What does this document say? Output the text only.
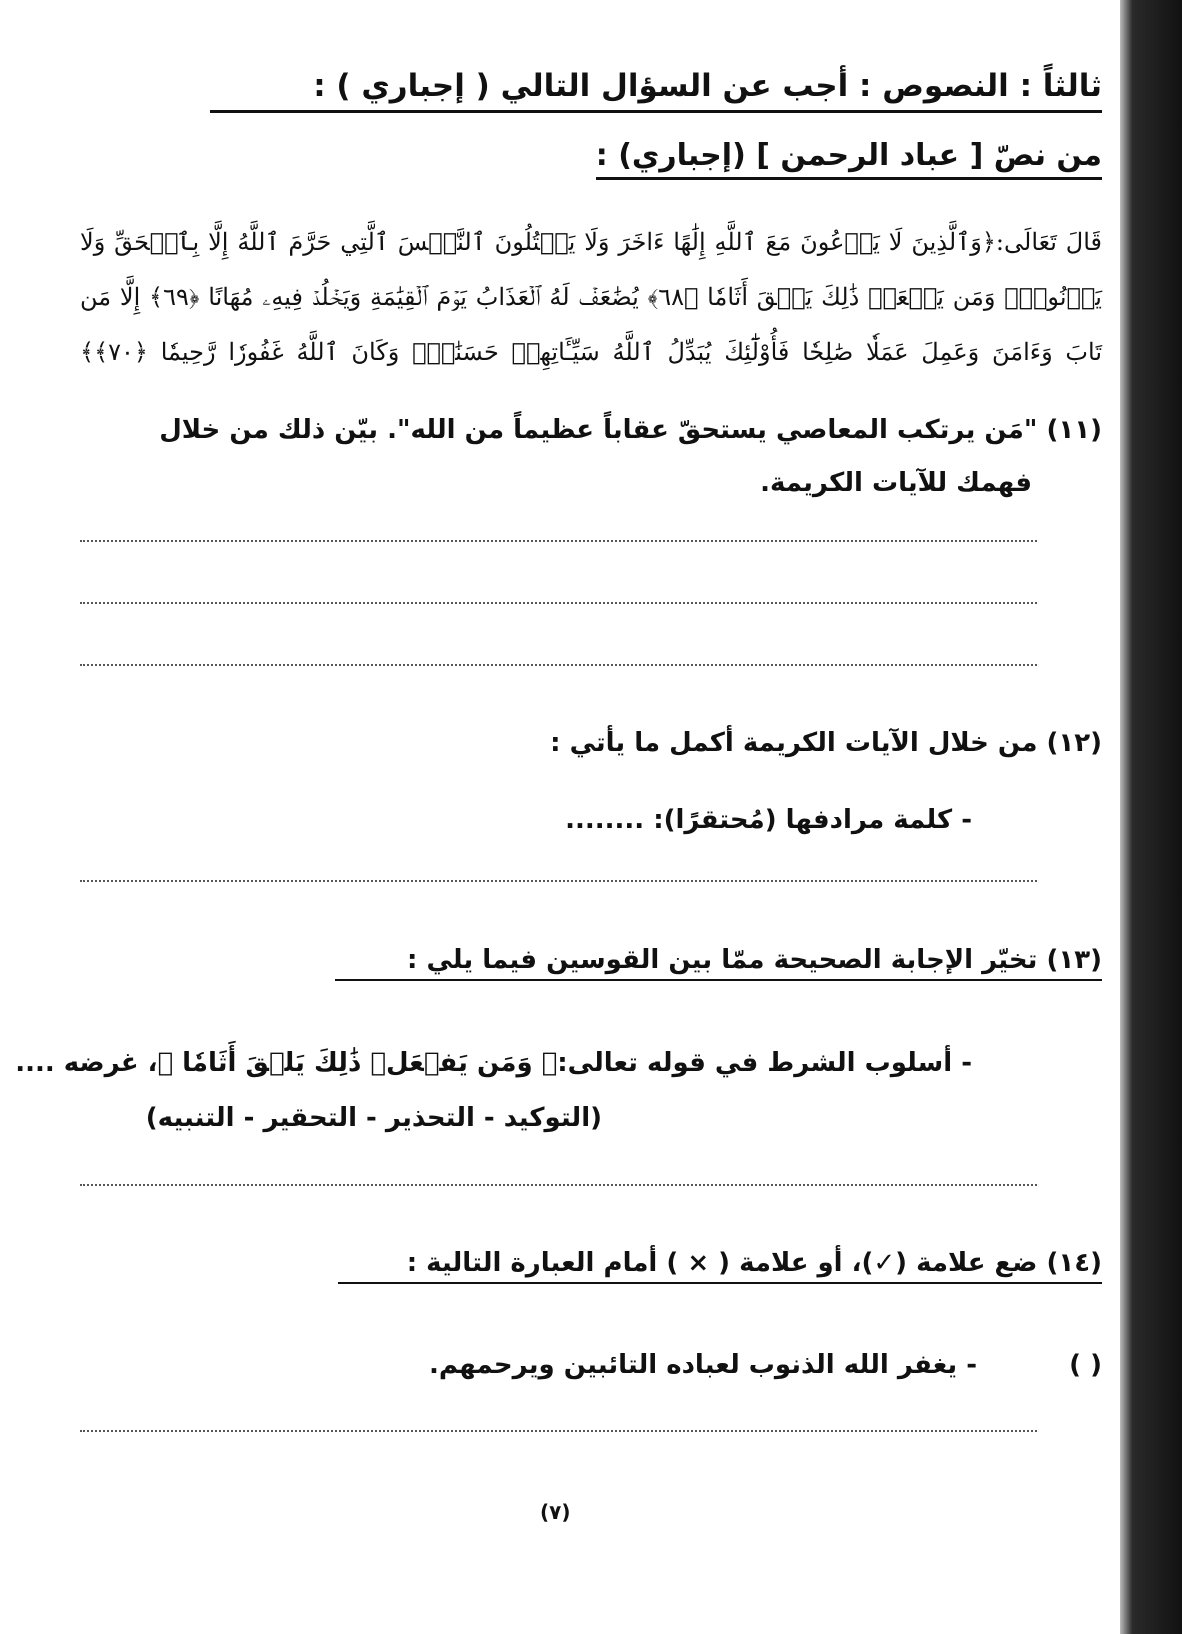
ثالثاً : النصوص : أجب عن السؤال التالي ( إجباري ) :
من نصّ [ عباد الرحمن ] (إجباري) :
قَالَ تَعَالَى:﴿وَٱلَّذِينَ لَا يَدۡعُونَ مَعَ ٱللَّهِ إِلَٰهًا ءَاخَرَ وَلَا يَقۡتُلُونَ ٱلنَّفۡسَ ٱلَّتِي حَرَّمَ ٱللَّهُ إِلَّا بِٱلۡحَقِّ وَلَا
يَزۡنُونَۚ وَمَن يَفۡعَلۡ ذَٰلِكَ يَلۡقَ أَثَامٗا ﴿٦٨﴾ يُضَٰعَفۡ لَهُ ٱلۡعَذَابُ يَوۡمَ ٱلۡقِيَٰمَةِ وَيَخۡلُدۡ فِيهِۦ مُهَانًا ﴿٦٩﴾ إِلَّا مَن
تَابَ وَءَامَنَ وَعَمِلَ عَمَلٗا صَٰلِحٗا فَأُوْلَٰٓئِكَ يُبَدِّلُ ٱللَّهُ سَيِّـَٔاتِهِمۡ حَسَنَٰتٖۗ وَكَانَ ٱللَّهُ غَفُورٗا رَّحِيمٗا ﴿٧٠﴾﴾
(١١) "مَن يرتكب المعاصي يستحقّ عقاباً عظيماً من الله". بيّن ذلك من خلال
فهمك للآيات الكريمة.
(١٢) من خلال الآيات الكريمة أكمل ما يأتي :
- كلمة مرادفها (مُحتقرًا): ........
(١٣) تخيّر الإجابة الصحيحة ممّا بين القوسين فيما يلي :
- أسلوب الشرط في قوله تعالى:﴿ وَمَن يَفۡعَلۡ ذَٰلِكَ يَلۡقَ أَثَامٗا ﴾، غرضه ....
(التوكيد - التحذير - التحقير - التنبيه)
(١٤) ضع علامة (✓)، أو علامة ( × ) أمام العبارة التالية :
- يغفر الله الذنوب لعباده التائبين ويرحمهم.	( )
(٧)
